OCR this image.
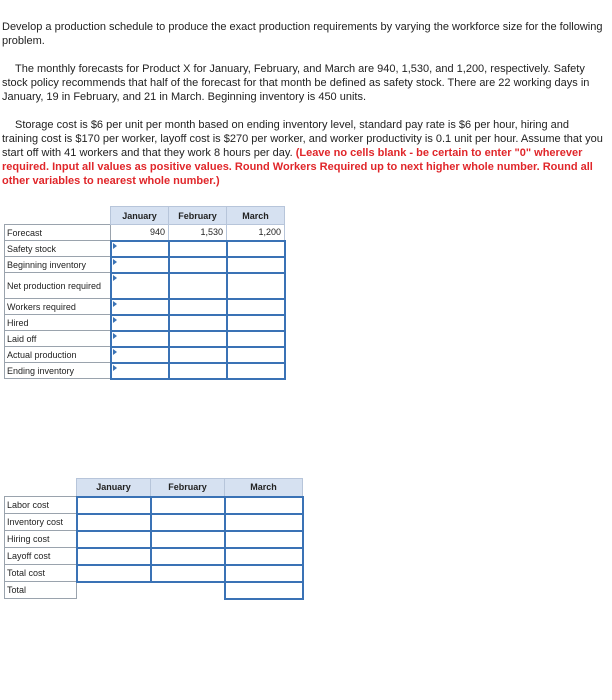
Develop a production schedule to produce the exact production requirements by varying the workforce size for the following problem.

The monthly forecasts for Product X for January, February, and March are 940, 1,530, and 1,200, respectively. Safety stock policy recommends that half of the forecast for that month be defined as safety stock. There are 22 working days in January, 19 in February, and 21 in March. Beginning inventory is 450 units.

Storage cost is $6 per unit per month based on ending inventory level, standard pay rate is $6 per hour, hiring and training cost is $170 per worker, layoff cost is $270 per worker, and worker productivity is 0.1 unit per hour. Assume that you start off with 41 workers and that they work 8 hours per day. (Leave no cells blank - be certain to enter "0" wherever required. Input all values as positive values. Round Workers Required up to next higher whole number. Round all other variables to nearest whole number.)

	January	February	March
Forecast	940	1,530	1,200
Safety stock	

Beginning inventory	

Net production required	

Workers required	

Hired	

Laid off	

Actual production	

Ending inventory	

	January	February	March
Labor cost			
Inventory cost			
Hiring cost			
Layoff cost			
Total cost			
Total			
